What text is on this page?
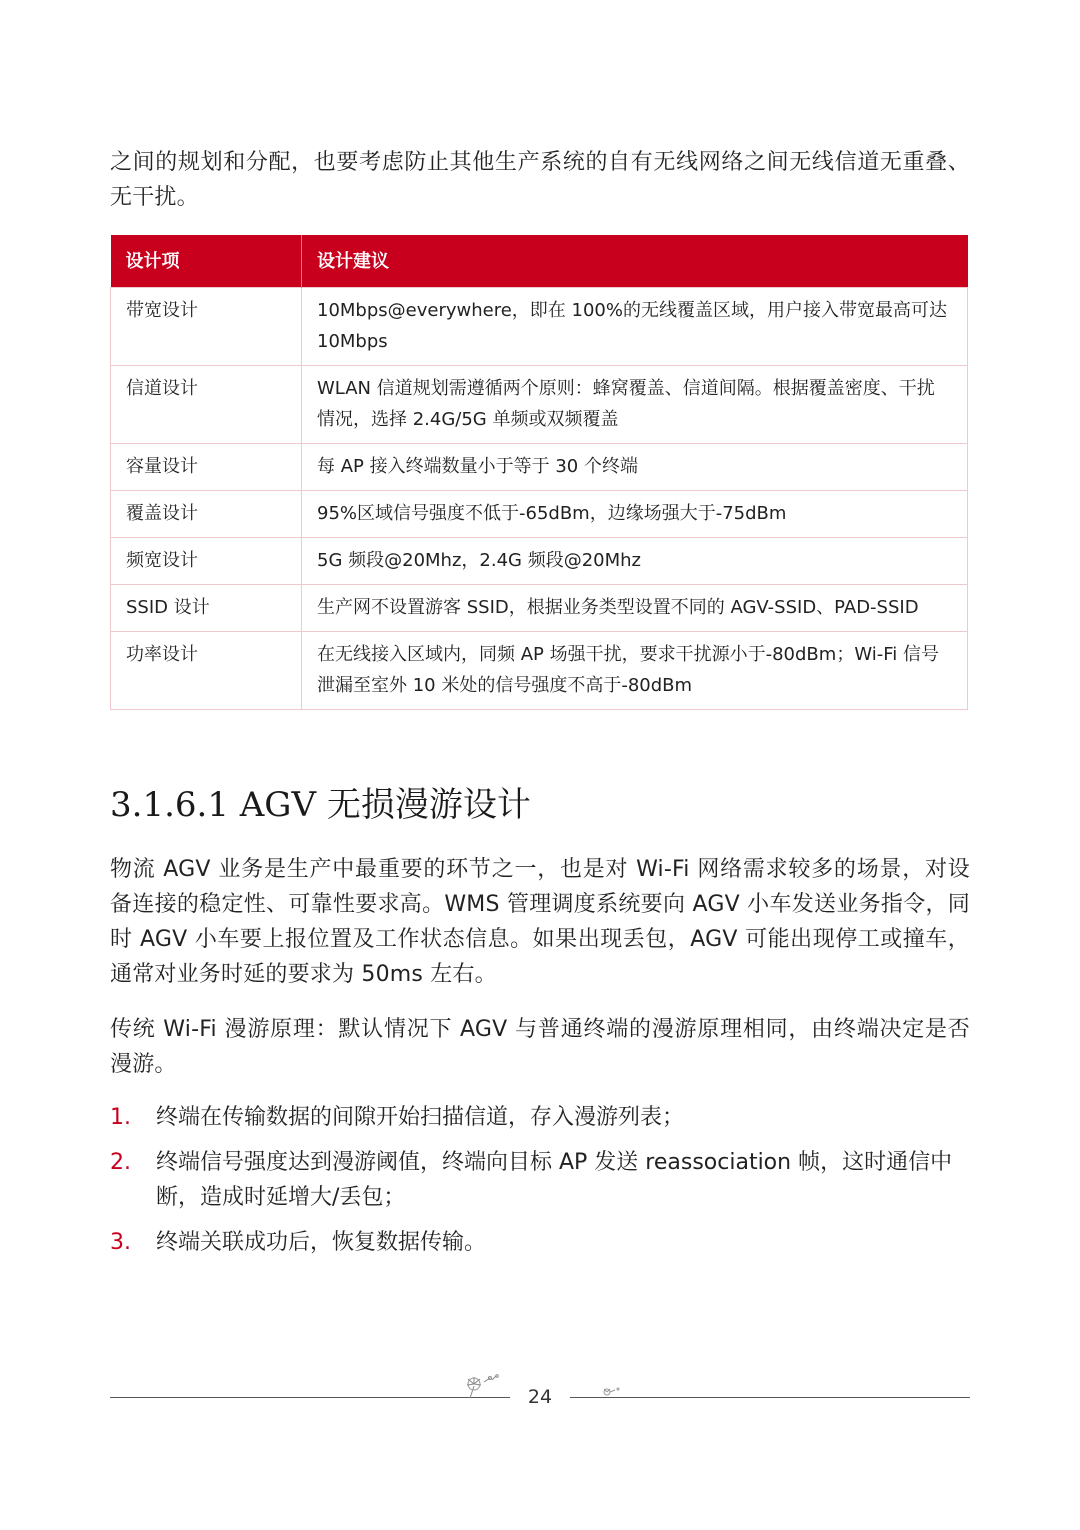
之间的规划和分配，也要考虑防止其他生产系统的自有无线网络之间无线信道无重叠、无干扰。

设计项	设计建议
带宽设计	10Mbps@everywhere，即在 100%的无线覆盖区域，用户接入带宽最高可达 10Mbps
信道设计	WLAN 信道规划需遵循两个原则：蜂窝覆盖、信道间隔。根据覆盖密度、干扰情况，选择 2.4G/5G 单频或双频覆盖
容量设计	每 AP 接入终端数量小于等于 30 个终端
覆盖设计	95%区域信号强度不低于-65dBm，边缘场强大于-75dBm
频宽设计	5G 频段@20Mhz，2.4G 频段@20Mhz
SSID 设计	生产网不设置游客 SSID，根据业务类型设置不同的 AGV-SSID、PAD-SSID
功率设计	在无线接入区域内，同频 AP 场强干扰，要求干扰源小于-80dBm；Wi-Fi 信号泄漏至室外 10 米处的信号强度不高于-80dBm
3.1.6.1 AGV 无损漫游设计

物流 AGV 业务是生产中最重要的环节之一，也是对 Wi-Fi 网络需求较多的场景，对设备连接的稳定性、可靠性要求高。WMS 管理调度系统要向 AGV 小车发送业务指令，同时 AGV 小车要上报位置及工作状态信息。如果出现丢包，AGV 可能出现停工或撞车，通常对业务时延的要求为 50ms 左右。

传统 Wi-Fi 漫游原理：默认情况下 AGV 与普通终端的漫游原理相同，由终端决定是否漫游。

1. 终端在传输数据的间隙开始扫描信道，存入漫游列表；
2. 终端信号强度达到漫游阈值，终端向目标 AP 发送 reassociation 帧，这时通信中断，造成时延增大/丢包；
3. 终端关联成功后，恢复数据传输。
24
